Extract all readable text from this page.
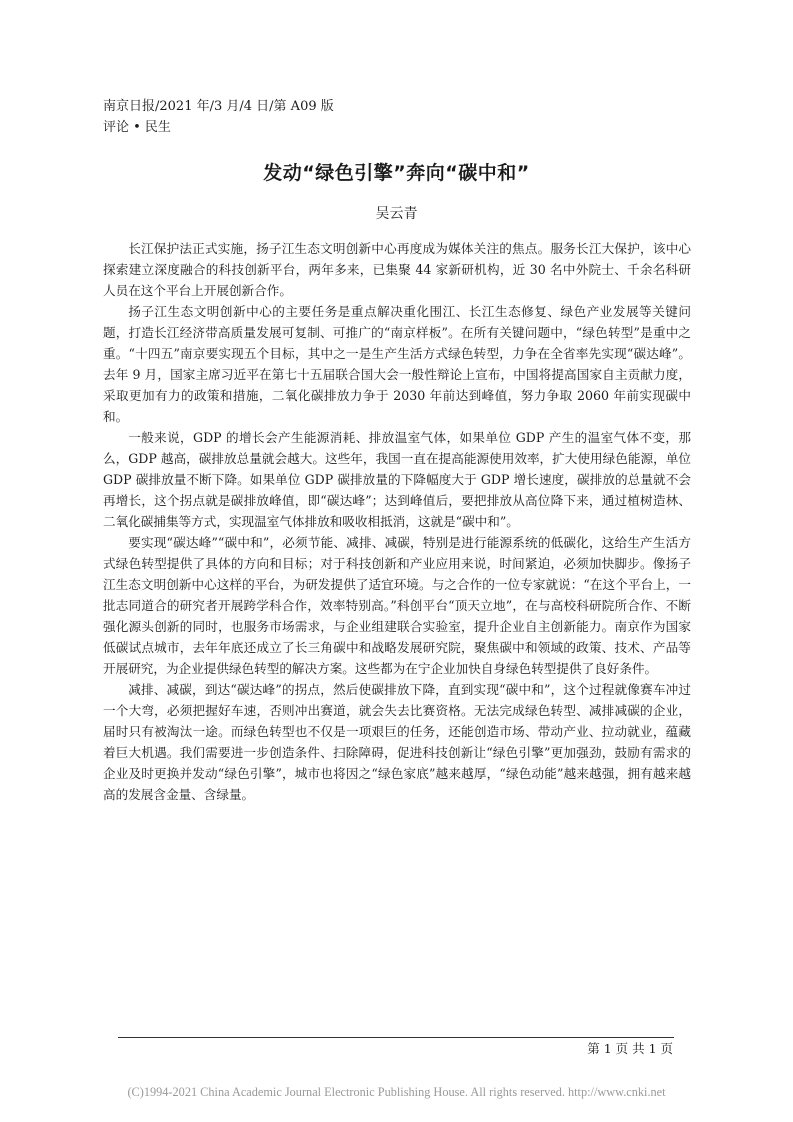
南京日报/2021 年/3 月/4 日/第 A09 版
评论 • 民生
发动“绿色引擎”奔向“碳中和”
吴云青

长江保护法正式实施，扬子江生态文明创新中心再度成为媒体关注的焦点。服务长江大保护，该中心探索建立深度融合的科技创新平台，两年多来，已集聚 44 家新研机构，近 30 名中外院士、千余名科研人员在这个平台上开展创新合作。

扬子江生态文明创新中心的主要任务是重点解决重化围江、长江生态修复、绿色产业发展等关键问题，打造长江经济带高质量发展可复制、可推广的“南京样板”。在所有关键问题中，“绿色转型”是重中之重。“十四五”南京要实现五个目标，其中之一是生产生活方式绿色转型，力争在全省率先实现“碳达峰”。去年 9 月，国家主席习近平在第七十五届联合国大会一般性辩论上宣布，中国将提高国家自主贡献力度，采取更加有力的政策和措施，二氧化碳排放力争于 2030 年前达到峰值，努力争取 2060 年前实现碳中和。

一般来说，GDP 的增长会产生能源消耗、排放温室气体，如果单位 GDP 产生的温室气体不变，那么，GDP 越高，碳排放总量就会越大。这些年，我国一直在提高能源使用效率，扩大使用绿色能源，单位 GDP 碳排放量不断下降。如果单位 GDP 碳排放量的下降幅度大于 GDP 增长速度，碳排放的总量就不会再增长，这个拐点就是碳排放峰值，即“碳达峰”；达到峰值后，要把排放从高位降下来，通过植树造林、二氧化碳捕集等方式，实现温室气体排放和吸收相抵消，这就是“碳中和”。

要实现“碳达峰”“碳中和”，必须节能、减排、减碳，特别是进行能源系统的低碳化，这给生产生活方式绿色转型提供了具体的方向和目标；对于科技创新和产业应用来说，时间紧迫，必须加快脚步。像扬子江生态文明创新中心这样的平台，为研发提供了适宜环境。与之合作的一位专家就说：“在这个平台上，一批志同道合的研究者开展跨学科合作，效率特别高。”科创平台“顶天立地”，在与高校科研院所合作、不断强化源头创新的同时，也服务市场需求，与企业组建联合实验室，提升企业自主创新能力。南京作为国家低碳试点城市，去年年底还成立了长三角碳中和战略发展研究院，聚焦碳中和领域的政策、技术、产品等开展研究，为企业提供绿色转型的解决方案。这些都为在宁企业加快自身绿色转型提供了良好条件。

减排、减碳，到达“碳达峰”的拐点，然后使碳排放下降，直到实现“碳中和”，这个过程就像赛车冲过一个大弯，必须把握好车速，否则冲出赛道，就会失去比赛资格。无法完成绿色转型、减排减碳的企业，届时只有被淘汰一途。而绿色转型也不仅是一项艰巨的任务，还能创造市场、带动产业、拉动就业，蕴藏着巨大机遇。我们需要进一步创造条件、扫除障碍，促进科技创新让“绿色引擎”更加强劲，鼓励有需求的企业及时更换并发动“绿色引擎”，城市也将因之“绿色家底”越来越厚，“绿色动能”越来越强，拥有越来越高的发展含金量、含绿量。

第 1 页 共 1 页
(C)1994-2021 China Academic Journal Electronic Publishing House. All rights reserved. http://www.cnki.net
